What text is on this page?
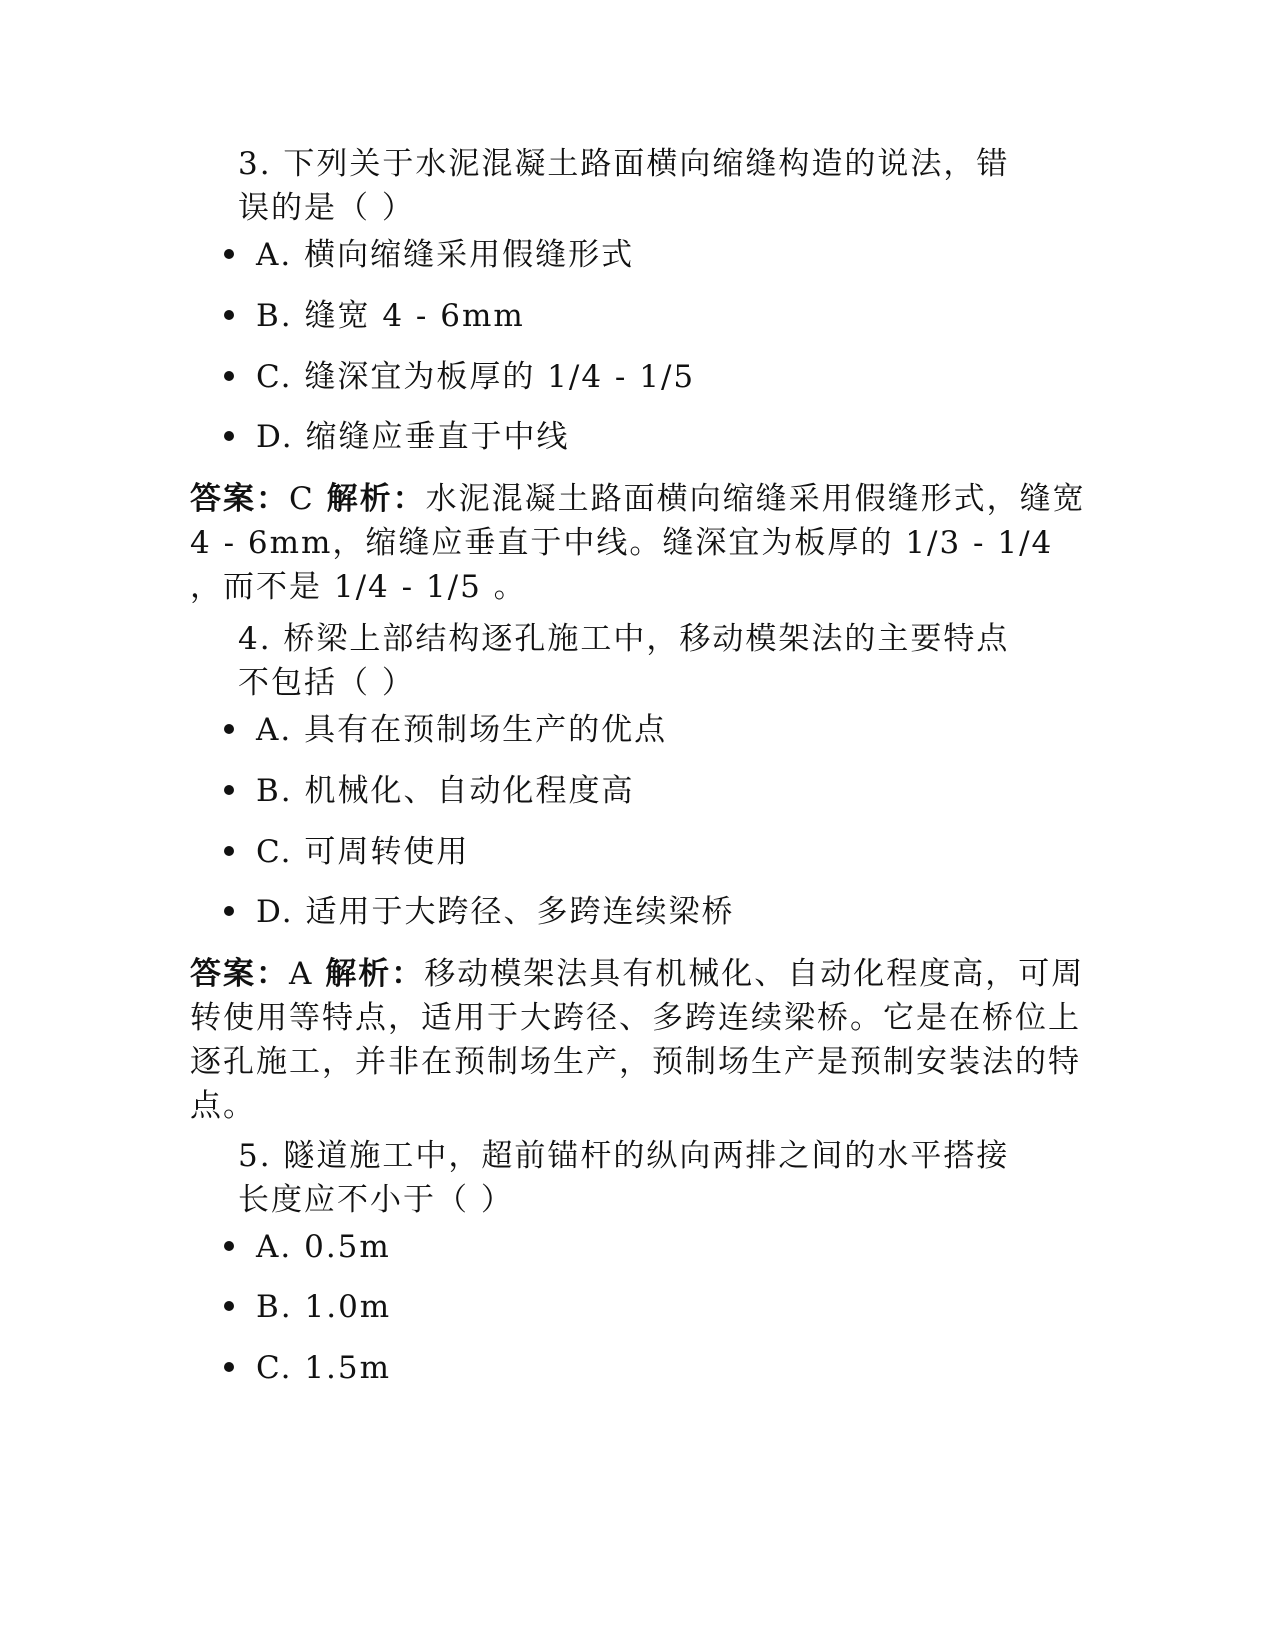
3. 下列关于水泥混凝土路面横向缩缝构造的说法，错误的是（ ）
A. 横向缩缝采用假缝形式
B. 缝宽 4 - 6mm
C. 缝深宜为板厚的 1/4 - 1/5
D. 缩缝应垂直于中线
答案：C 解析：水泥混凝土路面横向缩缝采用假缝形式，缝宽 4 - 6mm，缩缝应垂直于中线。缝深宜为板厚的 1/3 - 1/4 ，而不是 1/4 - 1/5 。
4. 桥梁上部结构逐孔施工中，移动模架法的主要特点不包括（ ）
A. 具有在预制场生产的优点
B. 机械化、自动化程度高
C. 可周转使用
D. 适用于大跨径、多跨连续梁桥
答案：A 解析：移动模架法具有机械化、自动化程度高，可周转使用等特点，适用于大跨径、多跨连续梁桥。它是在桥位上逐孔施工，并非在预制场生产，预制场生产是预制安装法的特点。
5. 隧道施工中，超前锚杆的纵向两排之间的水平搭接长度应不小于（ ）
A. 0.5m
B. 1.0m
C. 1.5m
